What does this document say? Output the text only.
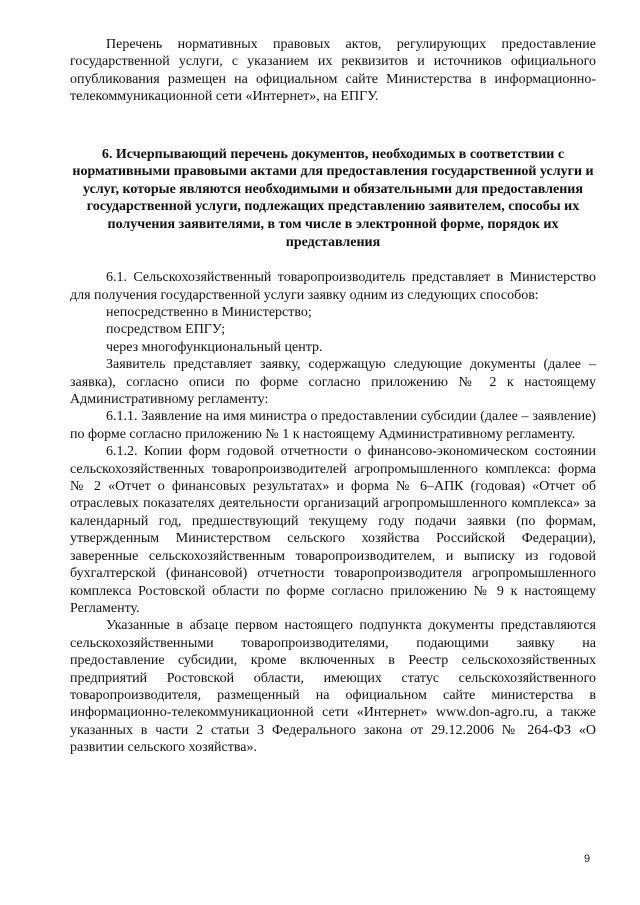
Перечень нормативных правовых актов, регулирующих предоставление государственной услуги, с указанием их реквизитов и источников официального опубликования размещен на официальном сайте Министерства в информационно-телекоммуникационной сети «Интернет», на ЕПГУ.

6. Исчерпывающий перечень документов, необходимых в соответствии с нормативными правовыми актами для предоставления государственной услуги и услуг, которые являются необходимыми и обязательными для предоставления государственной услуги, подлежащих представлению заявителем, способы их получения заявителями, в том числе в электронной форме, порядок их представления

6.1. Сельскохозяйственный товаропроизводитель представляет в Министерство для получения государственной услуги заявку одним из следующих способов:

непосредственно в Министерство;

посредством ЕПГУ;

через многофункциональный центр.

Заявитель представляет заявку, содержащую следующие документы (далее – заявка), согласно описи по форме согласно приложению № 2 к настоящему Административному регламенту:

6.1.1. Заявление на имя министра о предоставлении субсидии (далее – заявление) по форме согласно приложению № 1 к настоящему Административному регламенту.

6.1.2. Копии форм годовой отчетности о финансово-экономическом состоянии сельскохозяйственных товаропроизводителей агропромышленного комплекса: форма № 2 «Отчет о финансовых результатах» и форма № 6–АПК (годовая) «Отчет об отраслевых показателях деятельности организаций агропромышленного комплекса» за календарный год, предшествующий текущему году подачи заявки (по формам, утвержденным Министерством сельского хозяйства Российской Федерации), заверенные сельскохозяйственным товаропроизводителем, и выписку из годовой бухгалтерской (финансовой) отчетности товаропроизводителя агропромышленного комплекса Ростовской области по форме согласно приложению № 9 к настоящему Регламенту.

Указанные в абзаце первом настоящего подпункта документы представляются сельскохозяйственными товаропроизводителями, подающими заявку на предоставление субсидии, кроме включенных в Реестр сельскохозяйственных предприятий Ростовской области, имеющих статус сельскохозяйственного товаропроизводителя, размещенный на официальном сайте министерства в информационно-телекоммуникационной сети «Интернет» www.don-agro.ru, а также указанных в части 2 статьи 3 Федерального закона от 29.12.2006 № 264-ФЗ «О развитии сельского хозяйства».

9
